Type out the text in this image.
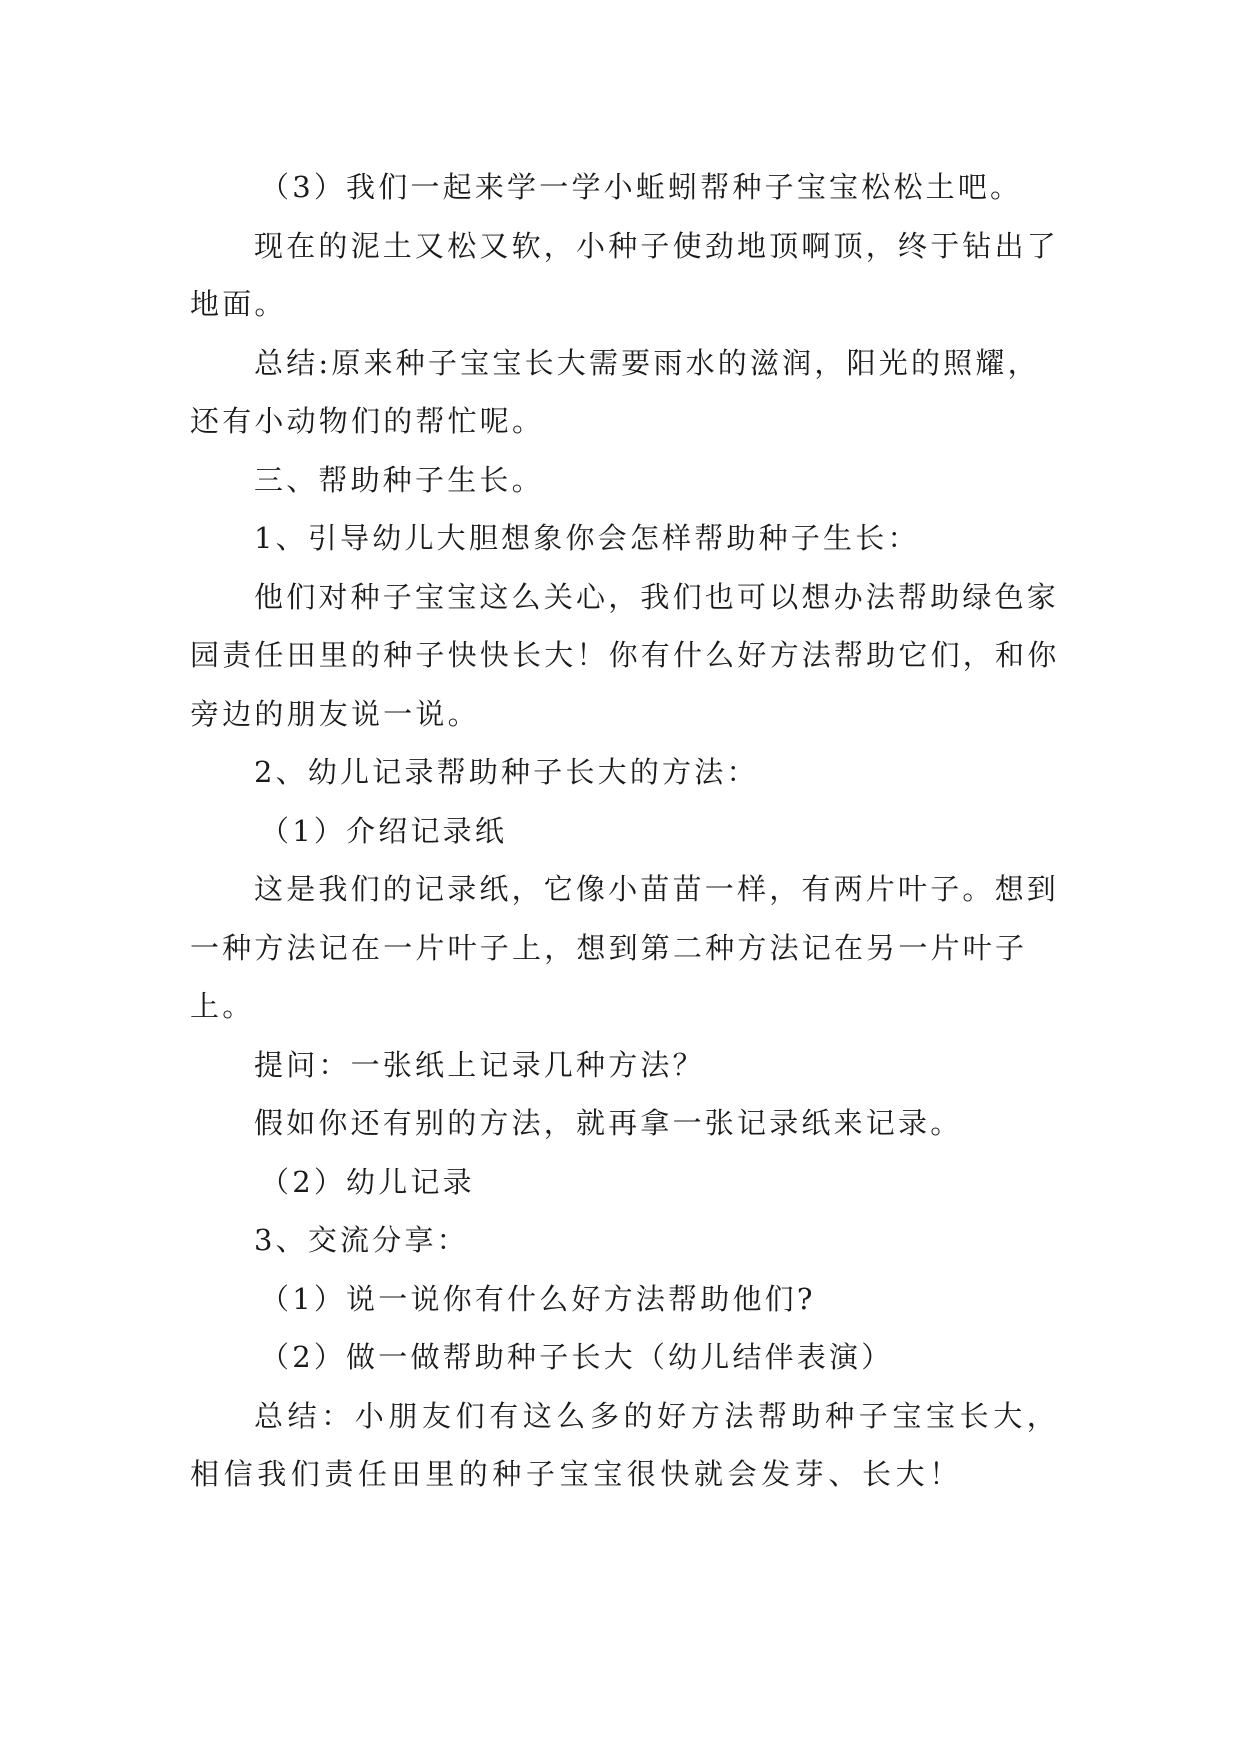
（3）我们一起来学一学小蚯蚓帮种子宝宝松松土吧。

现在的泥土又松又软，小种子使劲地顶啊顶，终于钻出了地面。

总结:原来种子宝宝长大需要雨水的滋润，阳光的照耀，还有小动物们的帮忙呢。

三、帮助种子生长。

1、引导幼儿大胆想象你会怎样帮助种子生长：

他们对种子宝宝这么关心，我们也可以想办法帮助绿色家园责任田里的种子快快长大！你有什么好方法帮助它们，和你旁边的朋友说一说。

2、幼儿记录帮助种子长大的方法：

（1）介绍记录纸

这是我们的记录纸，它像小苗苗一样，有两片叶子。想到一种方法记在一片叶子上，想到第二种方法记在另一片叶子上。

提问：一张纸上记录几种方法？

假如你还有别的方法，就再拿一张记录纸来记录。

（2）幼儿记录

3、交流分享：

（1）说一说你有什么好方法帮助他们?

（2）做一做帮助种子长大（幼儿结伴表演）

总结：小朋友们有这么多的好方法帮助种子宝宝长大，相信我们责任田里的种子宝宝很快就会发芽、长大！
